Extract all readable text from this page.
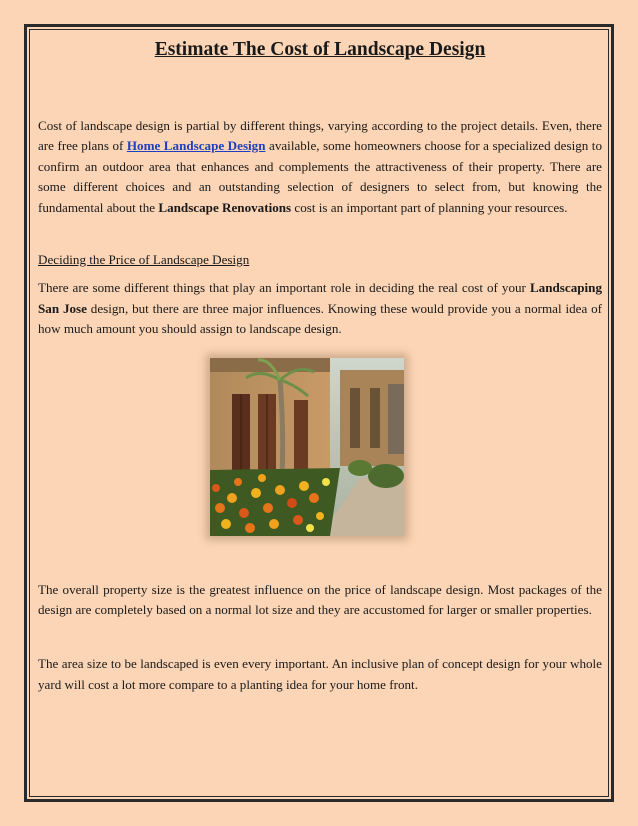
Estimate The Cost of Landscape Design

Cost of landscape design is partial by different things, varying according to the project details. Even, there are free plans of Home Landscape Design available, some homeowners choose for a specialized design to confirm an outdoor area that enhances and complements the attractiveness of their property. There are some different choices and an outstanding selection of designers to select from, but knowing the fundamental about the Landscape Renovations cost is an important part of planning your resources.

Deciding the Price of Landscape Design

There are some different things that play an important role in deciding the real cost of your Landscaping San Jose design, but there are three major influences. Knowing these would provide you a normal idea of how much amount you should assign to landscape design.

The overall property size is the greatest influence on the price of landscape design. Most packages of the design are completely based on a normal lot size and they are accustomed for larger or smaller properties.

The area size to be landscaped is even every important. An inclusive plan of concept design for your whole yard will cost a lot more compare to a planting idea for your home front.
